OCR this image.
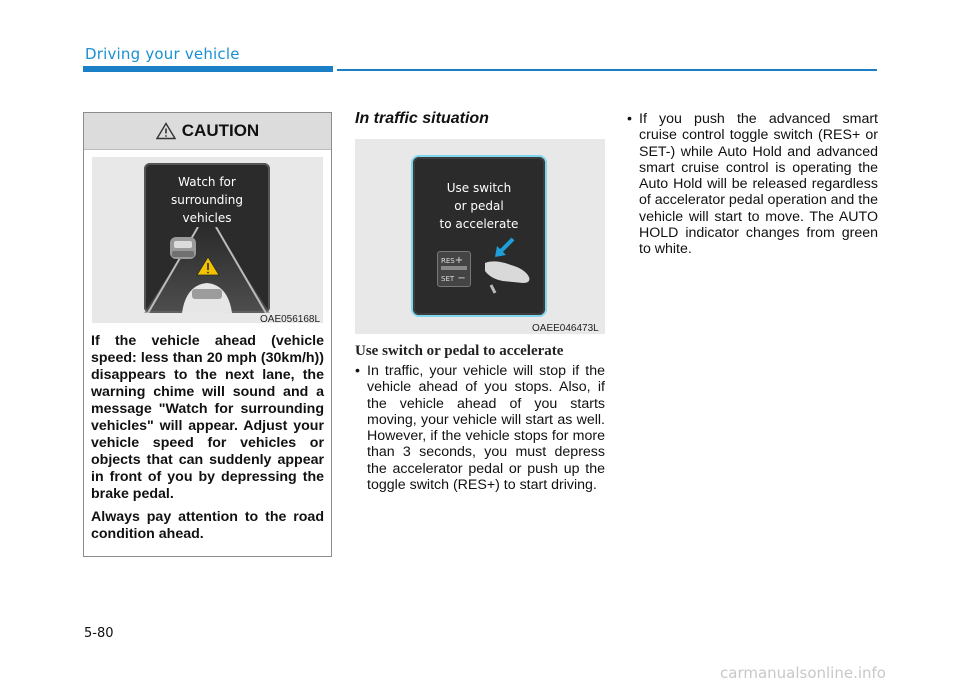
Driving your vehicle
CAUTION
Watch for
surrounding
vehicles
OAE056168L

If the vehicle ahead (vehicle speed: less than 20 mph (30km/h)) disappears to the next lane, the warning chime will sound and a message "Watch for surrounding vehicles" will appear. Adjust your vehicle speed for vehicles or objects that can suddenly appear in front of you by depressing the brake pedal.

Always pay attention to the road condition ahead.

In traffic situation
Use switch
or pedal
to accelerate
RES+
SET −
OAEE046473L
Use switch or pedal to accelerate
• In traffic, your vehicle will stop if the vehicle ahead of you stops. Also, if the vehicle ahead of you starts moving, your vehicle will start as well. However, if the vehicle stops for more than 3 seconds, you must depress the accelerator pedal or push up the toggle switch (RES+) to start driving.
• If you push the advanced smart cruise control toggle switch (RES+ or SET-) while Auto Hold and advanced smart cruise control is operating the Auto Hold will be released regardless of accelerator pedal operation and the vehicle will start to move. The AUTO HOLD indicator changes from green to white.
5-80
carmanualsonline.info
